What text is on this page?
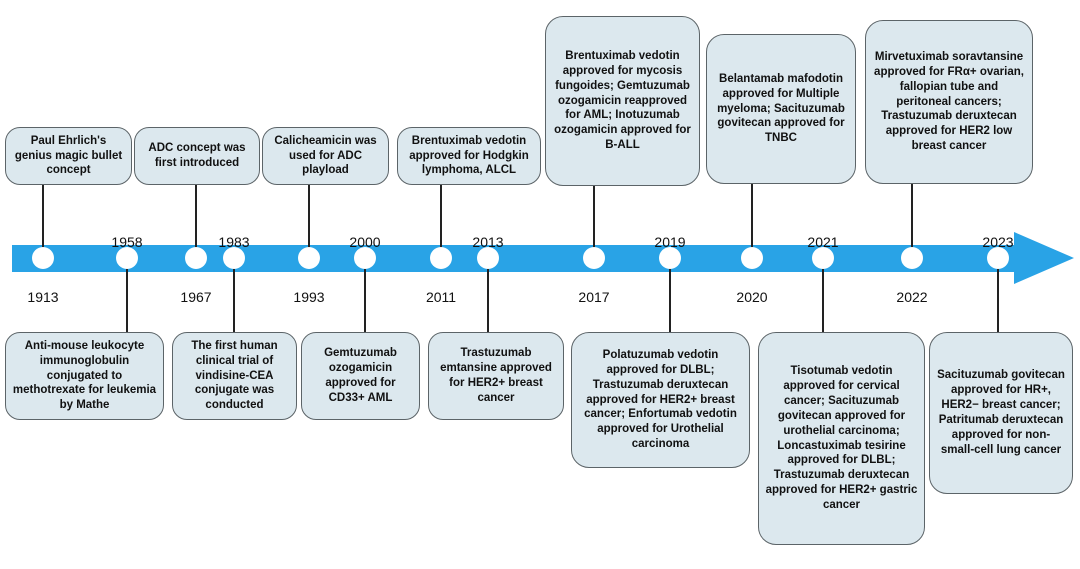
1913
Paul Ehrlich's genius magic bullet concept
1967
ADC concept was first introduced
1993
Calicheamicin was used for ADC playload
2011
Brentuximab vedotin approved for Hodgkin lymphoma, ALCL
2017
Brentuximab vedotin approved for mycosis fungoides; Gemtuzumab ozogamicin reapproved for AML; Inotuzumab ozogamicin approved for B-ALL
2020
Belantamab mafodotin approved for Multiple myeloma; Sacituzumab govitecan approved for TNBC
2022
Mirvetuximab soravtansine approved for FRα+ ovarian, fallopian tube and peritoneal cancers; Trastuzumab deruxtecan approved for HER2 low breast cancer
1958
Anti-mouse leukocyte immunoglobulin conjugated to methotrexate for leukemia by Mathe
1983
The first human clinical trial of vindisine-CEA conjugate was conducted
2000
Gemtuzumab ozogamicin approved for CD33+ AML
2013
Trastuzumab emtansine approved for HER2+ breast cancer
2019
Polatuzumab vedotin approved for DLBL; Trastuzumab deruxtecan approved for HER2+ breast cancer; Enfortumab vedotin approved for Urothelial carcinoma
2021
Tisotumab vedotin approved for cervical cancer; Sacituzumab govitecan approved for urothelial carcinoma; Loncastuximab tesirine approved for DLBL; Trastuzumab deruxtecan approved for HER2+ gastric cancer
2023
Sacituzumab govitecan approved for HR+, HER2− breast cancer; Patritumab deruxtecan approved for non-small-cell lung cancer
